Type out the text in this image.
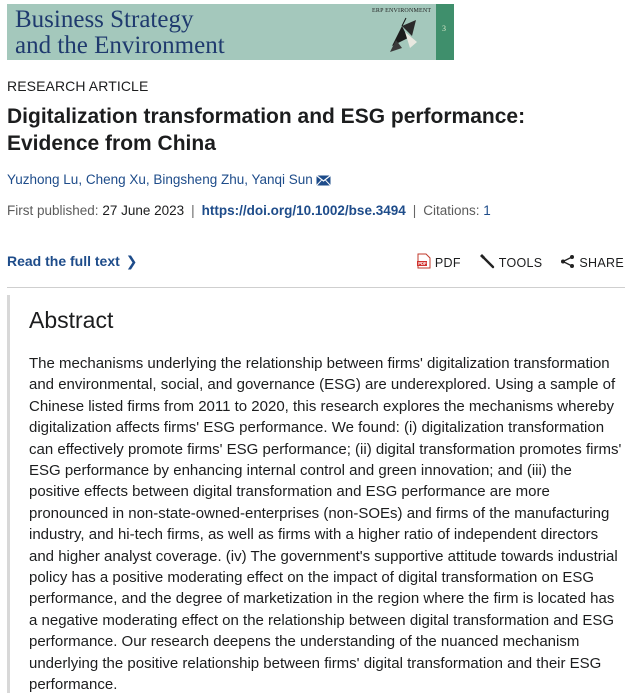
Business Strategy
and the Environment
ERP ENVIRONMENT
3
RESEARCH ARTICLE
Digitalization transformation and ESG performance: Evidence from China
Yuzhong Lu, Cheng Xu, Bingsheng Zhu, Yanqi Sun
First published: 27 June 2023 | https://doi.org/10.1002/bse.3494 | Citations: 1
Read the full text ❯	PDF PDF	TOOLS	SHARE
Abstract

The mechanisms underlying the relationship between firms' digitalization transformation and environmental, social, and governance (ESG) are underexplored. Using a sample of Chinese listed firms from 2011 to 2020, this research explores the mechanisms whereby digitalization affects firms' ESG performance. We found: (i) digitalization transformation can effectively promote firms' ESG performance; (ii) digital transformation promotes firms' ESG performance by enhancing internal control and green innovation; and (iii) the positive effects between digital transformation and ESG performance are more pronounced in non-state-owned-enterprises (non-SOEs) and firms of the manufacturing industry, and hi-tech firms, as well as firms with a higher ratio of independent directors and higher analyst coverage. (iv) The government's supportive attitude towards industrial policy has a positive moderating effect on the impact of digital transformation on ESG performance, and the degree of marketization in the region where the firm is located has a negative moderating effect on the relationship between digital transformation and ESG performance. Our research deepens the understanding of the nuanced mechanism underlying the positive relationship between firms' digital transformation and their ESG performance.
